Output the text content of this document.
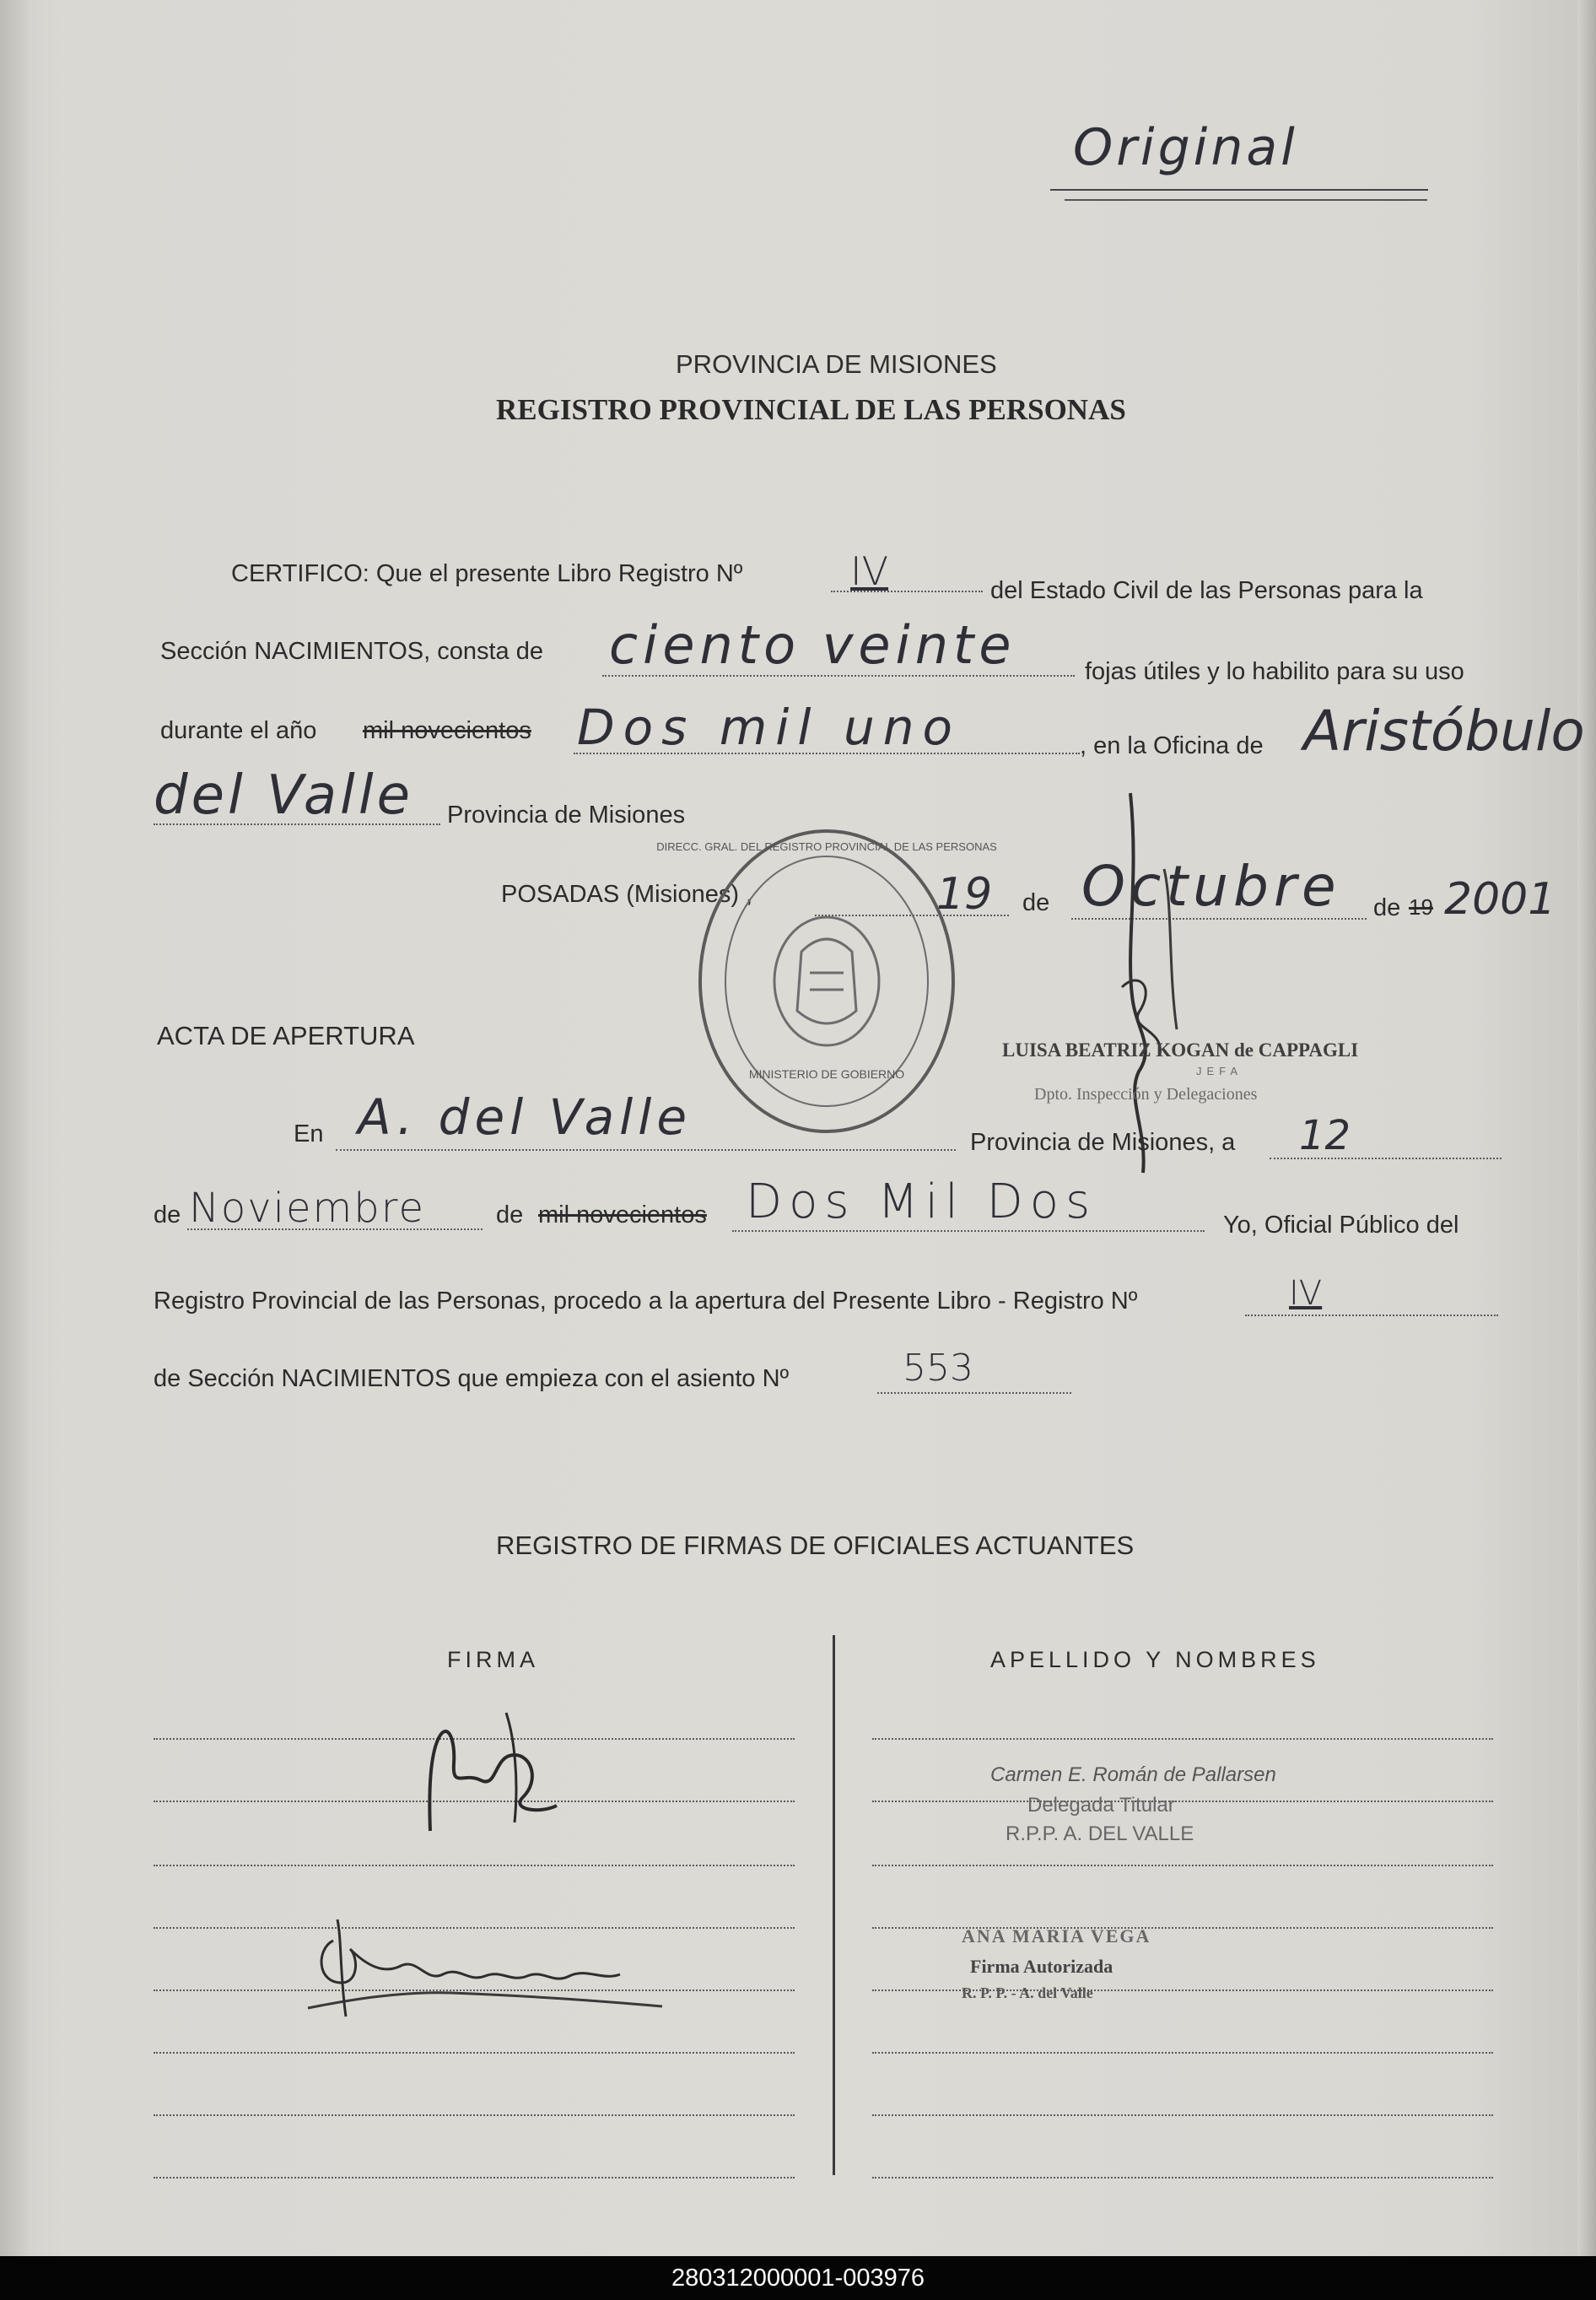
Original
PROVINCIA DE MISIONES
REGISTRO PROVINCIAL DE LAS PERSONAS
CERTIFICO: Que el presente Libro Registro Nº	IV	del Estado Civil de las Personas para la
Sección NACIMIENTOS, consta de ciento veinte	fojas útiles y lo habilito para su uso
durante el año mil novecientos Dos mil uno	, en la Oficina de Aristóbulo
del Valle Provincia de Misiones
POSADAS (Misiones) ,	19 de Octubre de 19 2001
DIRECC. GRAL. DEL REGISTRO PROVINCIAL DE LAS PERSONAS
MINISTERIO DE GOBIERNO
LUISA BEATRIZ KOGAN de CAPPAGLI
JEFA
Dpto. Inspección y Delegaciones
ACTA DE APERTURA
En A. del Valle	Provincia de Misiones, a 12
de Noviembre	de mil novecientos Dos Mil Dos	Yo, Oficial Público del
Registro Provincial de las Personas, procedo a la apertura del Presente Libro - Registro Nº	IV
de Sección NACIMIENTOS que empieza con el asiento Nº	553
REGISTRO DE FIRMAS DE OFICIALES ACTUANTES
FIRMA	APELLIDO Y NOMBRES
Carmen E. Román de Pallarsen
Delegada Titular
R.P.P. A. DEL VALLE
ANA MARIA VEGA
Firma Autorizada
R. P. P. - A. del Valle
280312000001-003976
